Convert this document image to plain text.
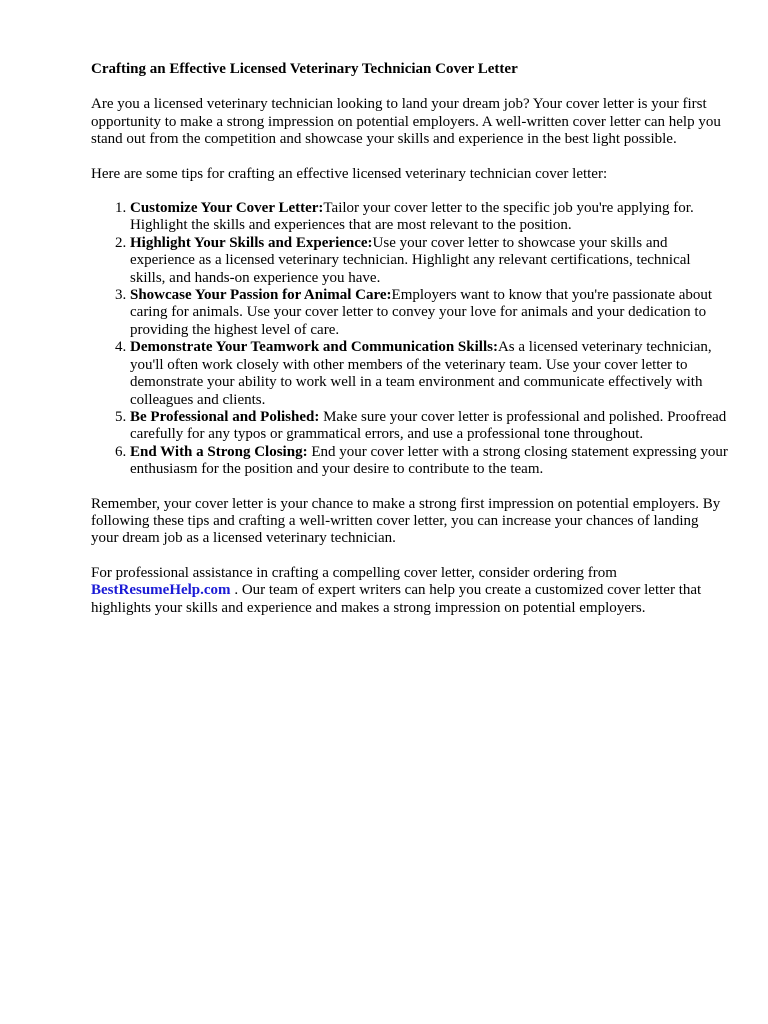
Crafting an Effective Licensed Veterinary Technician Cover Letter

Are you a licensed veterinary technician looking to land your dream job? Your cover letter is your first opportunity to make a strong impression on potential employers. A well-written cover letter can help you stand out from the competition and showcase your skills and experience in the best light possible.

Here are some tips for crafting an effective licensed veterinary technician cover letter:

1. Customize Your Cover Letter:Tailor your cover letter to the specific job you're applying for. Highlight the skills and experiences that are most relevant to the position.
2. Highlight Your Skills and Experience:Use your cover letter to showcase your skills and experience as a licensed veterinary technician. Highlight any relevant certifications, technical skills, and hands-on experience you have.
3. Showcase Your Passion for Animal Care:Employers want to know that you're passionate about caring for animals. Use your cover letter to convey your love for animals and your dedication to providing the highest level of care.
4. Demonstrate Your Teamwork and Communication Skills:As a licensed veterinary technician, you'll often work closely with other members of the veterinary team. Use your cover letter to demonstrate your ability to work well in a team environment and communicate effectively with colleagues and clients.
5. Be Professional and Polished: Make sure your cover letter is professional and polished. Proofread carefully for any typos or grammatical errors, and use a professional tone throughout.
6. End With a Strong Closing: End your cover letter with a strong closing statement expressing your enthusiasm for the position and your desire to contribute to the team.

Remember, your cover letter is your chance to make a strong first impression on potential employers. By following these tips and crafting a well-written cover letter, you can increase your chances of landing your dream job as a licensed veterinary technician.

For professional assistance in crafting a compelling cover letter, consider ordering from
BestResumeHelp.com . Our team of expert writers can help you create a customized cover letter that highlights your skills and experience and makes a strong impression on potential employers.
